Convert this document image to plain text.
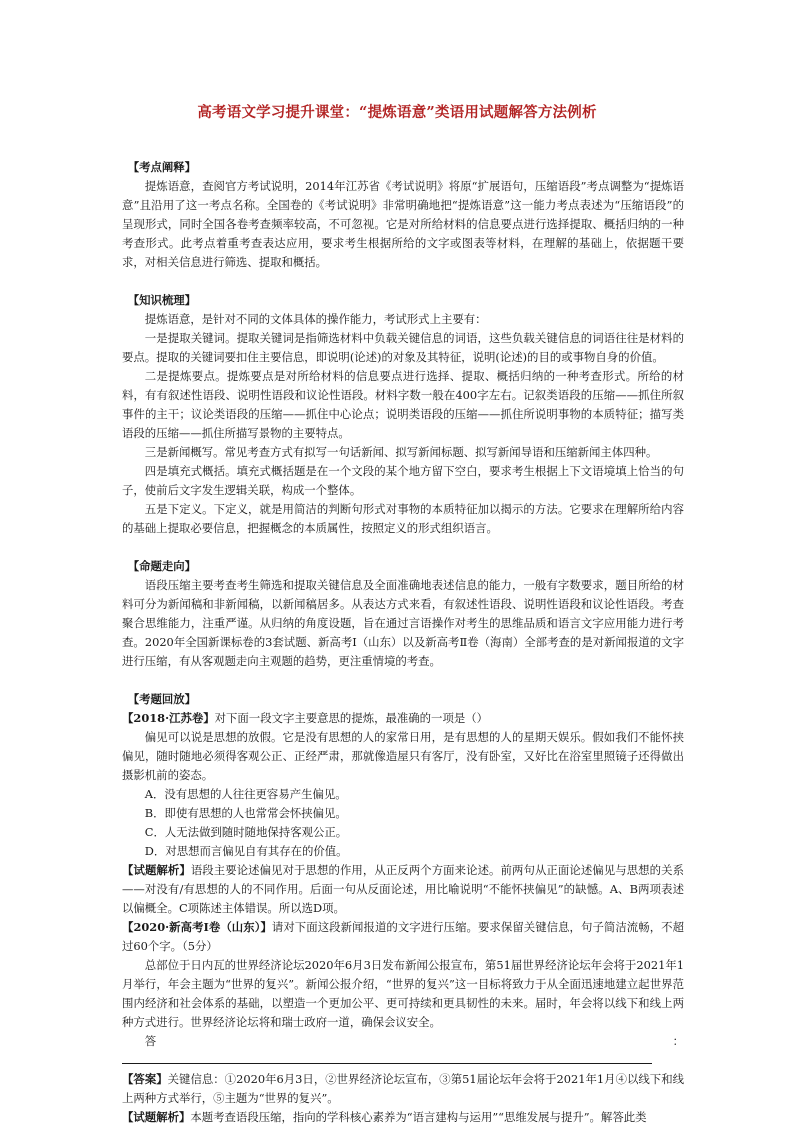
高考语文学习提升课堂：“提炼语意”类语用试题解答方法例析

【考点阐释】

提炼语意，查阅官方考试说明，2014年江苏省《考试说明》将原“扩展语句，压缩语段”考点调整为“提炼语意”且沿用了这一考点名称。全国卷的《考试说明》非常明确地把“提炼语意”这一能力考点表述为“压缩语段”的呈现形式，同时全国各卷考查频率较高，不可忽视。它是对所给材料的信息要点进行选择提取、概括归纳的一种考查形式。此考点着重考查表达应用，要求考生根据所给的文字或图表等材料，在理解的基础上，依据题干要求，对相关信息进行筛选、提取和概括。

【知识梳理】

提炼语意，是针对不同的文体具体的操作能力，考试形式上主要有：

一是提取关键词。提取关键词是指筛选材料中负载关键信息的词语，这些负载关键信息的词语往往是材料的要点。提取的关键词要扣住主要信息，即说明(论述)的对象及其特征，说明(论述)的目的或事物自身的价值。

二是提炼要点。提炼要点是对所给材料的信息要点进行选择、提取、概括归纳的一种考查形式。所给的材料，有有叙述性语段、说明性语段和议论性语段。材料字数一般在400字左右。记叙类语段的压缩——抓住所叙事件的主干；议论类语段的压缩——抓住中心论点；说明类语段的压缩——抓住所说明事物的本质特征；描写类语段的压缩——抓住所描写景物的主要特点。

三是新闻概写。常见考查方式有拟写一句话新闻、拟写新闻标题、拟写新闻导语和压缩新闻主体四种。

四是填充式概括。填充式概括题是在一个文段的某个地方留下空白，要求考生根据上下文语境填上恰当的句子，使前后文字发生逻辑关联，构成一个整体。

五是下定义。下定义，就是用简洁的判断句形式对事物的本质特征加以揭示的方法。它要求在理解所给内容的基础上提取必要信息，把握概念的本质属性，按照定义的形式组织语言。

【命题走向】

语段压缩主要考查考生筛选和提取关键信息及全面准确地表述信息的能力，一般有字数要求，题目所给的材料可分为新闻稿和非新闻稿，以新闻稿居多。从表达方式来看，有叙述性语段、说明性语段和议论性语段。考查聚合思维能力，注重严谨。从归纳的角度设题，旨在通过言语操作对考生的思维品质和语言文字应用能力进行考查。2020年全国新课标卷的3套试题、新高考Ⅰ（山东）以及新高考Ⅱ卷（海南）全部考查的是对新闻报道的文字进行压缩，有从客观题走向主观题的趋势，更注重情境的考查。

【考题回放】

【2018·江苏卷】对下面一段文字主要意思的提炼，最准确的一项是（）

偏见可以说是思想的放假。它是没有思想的人的家常日用，是有思想的人的星期天娱乐。假如我们不能怀挟偏见，随时随地必须得客观公正、正经严肃，那就像造屋只有客厅，没有卧室，又好比在浴室里照镜子还得做出摄影机前的姿态。

A．没有思想的人往往更容易产生偏见。

B．即使有思想的人也常常会怀挟偏见。

C．人无法做到随时随地保持客观公正。

D．对思想而言偏见自有其存在的价值。

【试题解析】语段主要论述偏见对于思想的作用，从正反两个方面来论述。前两句从正面论述偏见与思想的关系——对没有/有思想的人的不同作用。后面一句从反面论述，用比喻说明“不能怀挟偏见”的缺憾。A、B两项表述以偏概全。C项陈述主体错误。所以选D项。

【2020·新高考Ⅰ卷（山东）】请对下面这段新闻报道的文字进行压缩。要求保留关键信息，句子简洁流畅，不超过60个字。（5分）

总部位于日内瓦的世界经济论坛2020年6月3日发布新闻公报宣布，第51届世界经济论坛年会将于2021年1月举行，年会主题为“世界的复兴”。新闻公报介绍，“世界的复兴”这一目标将致力于从全面迅速地建立起世界范围内经济和社会体系的基础，以塑造一个更加公平、更可持续和更具韧性的未来。届时，年会将以线下和线上两种方式进行。世界经济论坛将和瑞士政府一道，确保会议安全。

答：

【答案】关键信息：①2020年6月3日，②世界经济论坛宣布，③第51届论坛年会将于2021年1月④以线下和线上两种方式举行，⑤主题为“世界的复兴”。

【试题解析】本题考查语段压缩，指向的学科核心素养为“语言建构与运用”“思维发展与提升”。解答此类
